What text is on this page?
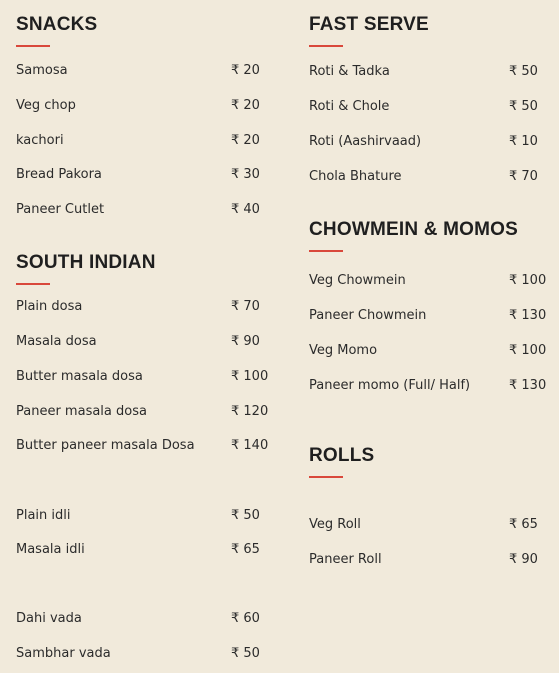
SNACKS
Samosa	₹ 20
Veg chop	₹ 20
kachori	₹ 20
Bread Pakora	₹ 30
Paneer Cutlet	₹ 40
SOUTH INDIAN
Plain dosa	₹ 70
Masala dosa	₹ 90
Butter masala dosa	₹ 100
Paneer masala dosa	₹ 120
Butter paneer masala Dosa	₹ 140
Plain idli	₹ 50
Masala idli	₹ 65
Dahi vada	₹ 60
Sambhar vada	₹ 50
FAST SERVE
Roti & Tadka	₹ 50
Roti & Chole	₹ 50
Roti (Aashirvaad)	₹ 10
Chola Bhature	₹ 70
CHOWMEIN & MOMOS
Veg Chowmein	₹ 100
Paneer Chowmein	₹ 130
Veg Momo	₹ 100
Paneer momo (Full/ Half)	₹ 130
ROLLS
Veg Roll	₹ 65
Paneer Roll	₹ 90
